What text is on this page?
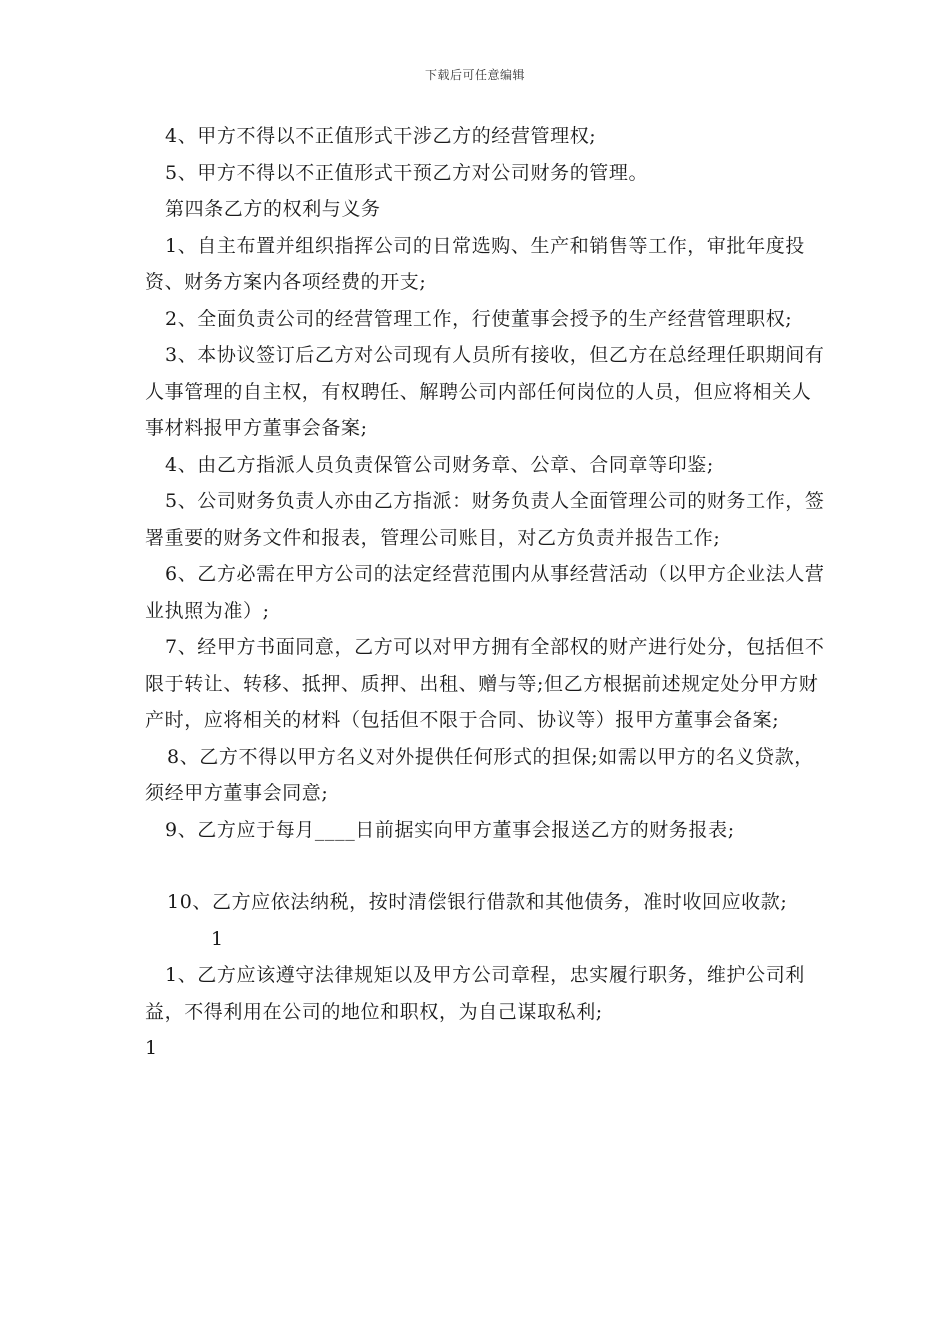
下载后可任意编辑

4、甲方不得以不正值形式干涉乙方的经营管理权;

5、甲方不得以不正值形式干预乙方对公司财务的管理。

第四条乙方的权利与义务

1、自主布置并组织指挥公司的日常选购、生产和销售等工作，审批年度投资、财务方案内各项经费的开支;

2、全面负责公司的经营管理工作，行使董事会授予的生产经营管理职权;

3、本协议签订后乙方对公司现有人员所有接收，但乙方在总经理任职期间有人事管理的自主权，有权聘任、解聘公司内部任何岗位的人员，但应将相关人事材料报甲方董事会备案;

4、由乙方指派人员负责保管公司财务章、公章、合同章等印鉴;

5、公司财务负责人亦由乙方指派：财务负责人全面管理公司的财务工作，签署重要的财务文件和报表，管理公司账目，对乙方负责并报告工作;

6、乙方必需在甲方公司的法定经营范围内从事经营活动（以甲方企业法人营业执照为准）;

7、经甲方书面同意，乙方可以对甲方拥有全部权的财产进行处分，包括但不限于转让、转移、抵押、质押、出租、赠与等;但乙方根据前述规定处分甲方财产时，应将相关的材料（包括但不限于合同、协议等）报甲方董事会备案;

8、乙方不得以甲方名义对外提供任何形式的担保;如需以甲方的名义贷款，须经甲方董事会同意;

9、乙方应于每月____日前据实向甲方董事会报送乙方的财务报表;

10、乙方应依法纳税，按时清偿银行借款和其他债务，准时收回应收款;1

1、乙方应该遵守法律规矩以及甲方公司章程，忠实履行职务，维护公司利益，不得利用在公司的地位和职权，为自己谋取私利;

1
